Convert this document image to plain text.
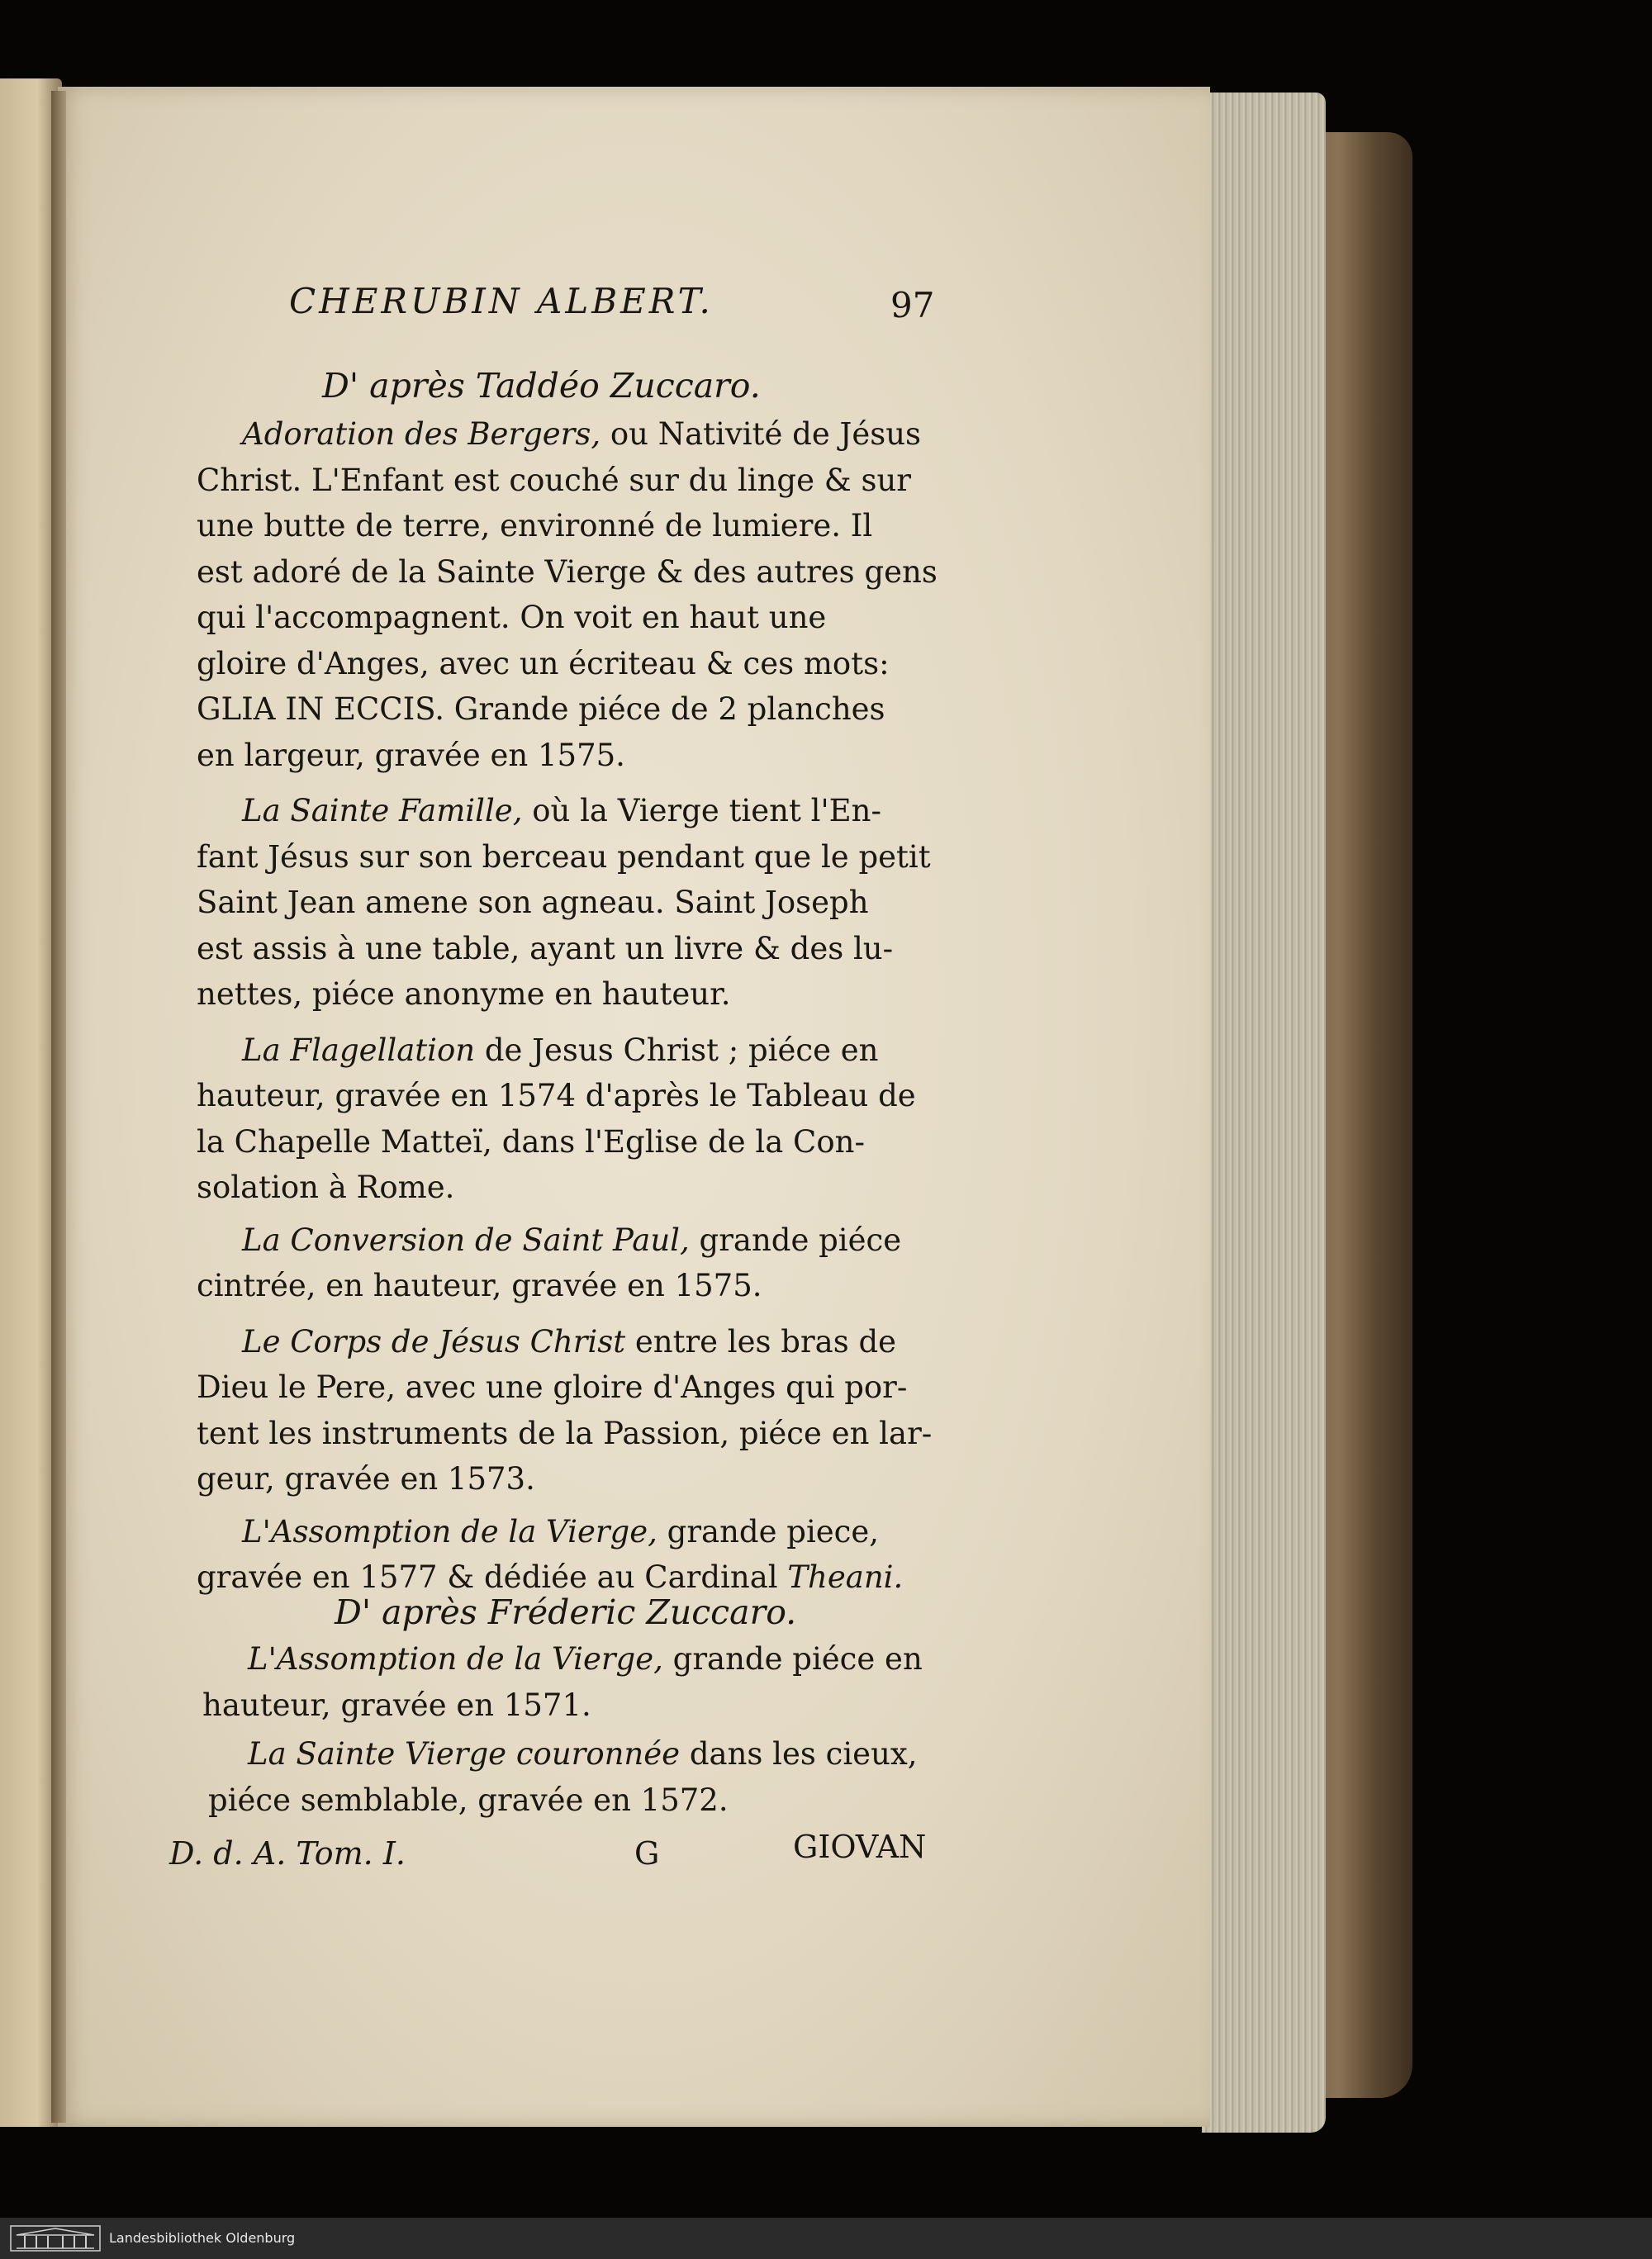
CHERUBIN ALBERT.	97
D' après Taddéo Zuccaro.
Adoration des Bergers, ou Nativité de Jésus
Christ. L'Enfant est couché sur du linge & sur
une butte de terre, environné de lumiere. Il
est adoré de la Sainte Vierge & des autres gens
qui l'accompagnent. On voit en haut une
gloire d'Anges, avec un écriteau & ces mots:
GLIA IN ECCIS. Grande piéce de 2 planches
en largeur, gravée en 1575.
La Sainte Famille, où la Vierge tient l'En-
fant Jésus sur son berceau pendant que le petit
Saint Jean amene son agneau. Saint Joseph
est assis à une table, ayant un livre & des lu-
nettes, piéce anonyme en hauteur.
La Flagellation de Jesus Christ ; piéce en
hauteur, gravée en 1574 d'après le Tableau de
la Chapelle Matteï, dans l'Eglise de la Con-
solation à Rome.
La Conversion de Saint Paul, grande piéce
cintrée, en hauteur, gravée en 1575.
Le Corps de Jésus Christ entre les bras de
Dieu le Pere, avec une gloire d'Anges qui por-
tent les instruments de la Passion, piéce en lar-
geur, gravée en 1573.
L'Assomption de la Vierge, grande piece,
gravée en 1577 & dédiée au Cardinal Theani.
D' après Fréderic Zuccaro.
L'Assomption de la Vierge, grande piéce en
hauteur, gravée en 1571.
La Sainte Vierge couronnée dans les cieux,
piéce semblable, gravée en 1572.
D. d. A. Tom. I.	G	GIOVAN
Landesbibliothek Oldenburg
